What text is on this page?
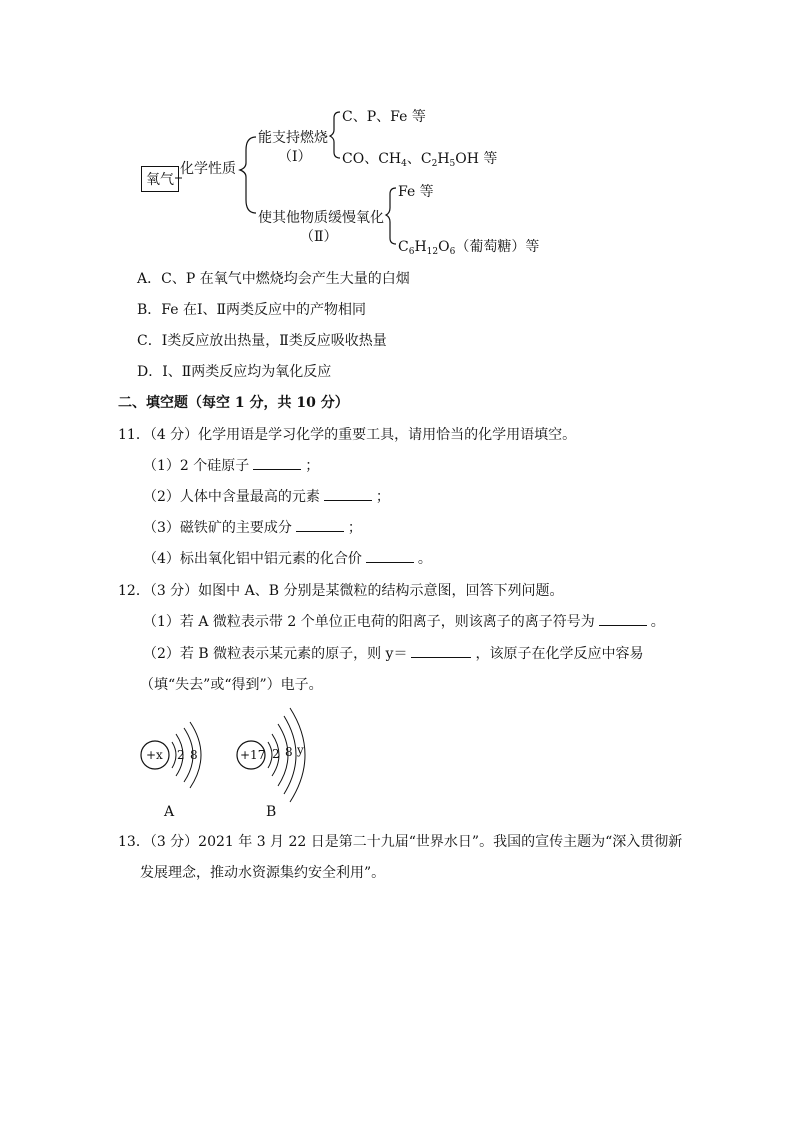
氧气
化学性质
能支持燃烧
（Ⅰ）
C、P、Fe 等
CO、$CH_4$、$C_2H_5OH$ 等
使其他物质缓慢氧化
（Ⅱ）
Fe 等
$C_6H_{12}O_6$（葡萄糖）等
A．C、P 在氧气中燃烧均会产生大量的白烟
B．Fe 在Ⅰ、Ⅱ两类反应中的产物相同
C．Ⅰ类反应放出热量，Ⅱ类反应吸收热量
D．Ⅰ、Ⅱ两类反应均为氧化反应
二、填空题（每空 1 分，共 10 分）
11．（4 分）化学用语是学习化学的重要工具，请用恰当的化学用语填空。
（1）2 个硅原子	；
（2）人体中含量最高的元素	；
（3）磁铁矿的主要成分	；
（4）标出氧化铝中铝元素的化合价	。
12．（3 分）如图中 A、B 分别是某微粒的结构示意图，回答下列问题。
（1）若 A 微粒表示带 2 个单位正电荷的阳离子，则该离子的离子符号为	。
（2）若 B 微粒表示某元素的原子，则 y＝	，该原子在化学反应中容易
（填“失去”或“得到”）电子。
+x 2 8
A
+17 2 8 y
B
13．（3 分）2021 年 3 月 22 日是第二十九届“世界水日”。我国的宣传主题为“深入贯彻新
发展理念，推动水资源集约安全利用”。
